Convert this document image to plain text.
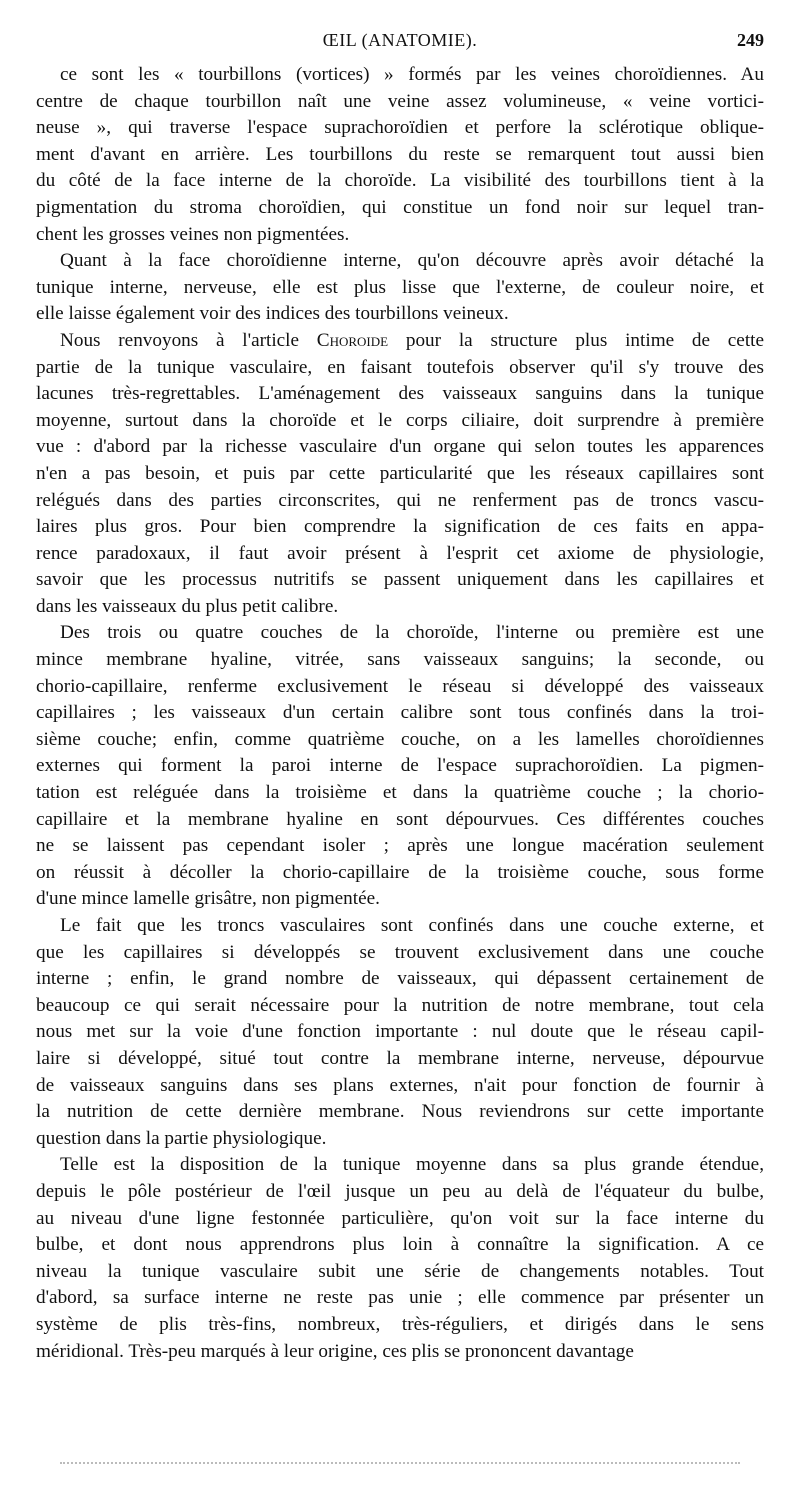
ŒIL (ANATOMIE).	249
ce sont les « tourbillons (vortices) » formés par les veines choroïdiennes. Au
centre de chaque tourbillon naît une veine assez volumineuse, « veine vortici-
neuse », qui traverse l'espace suprachoroïdien et perfore la sclérotique oblique-
ment d'avant en arrière. Les tourbillons du reste se remarquent tout aussi bien
du côté de la face interne de la choroïde. La visibilité des tourbillons tient à la
pigmentation du stroma choroïdien, qui constitue un fond noir sur lequel tran-
chent les grosses veines non pigmentées.
Quant à la face choroïdienne interne, qu'on découvre après avoir détaché la
tunique interne, nerveuse, elle est plus lisse que l'externe, de couleur noire, et
elle laisse également voir des indices des tourbillons veineux.
Nous renvoyons à l'article Choroide pour la structure plus intime de cette
partie de la tunique vasculaire, en faisant toutefois observer qu'il s'y trouve des
lacunes très-regrettables. L'aménagement des vaisseaux sanguins dans la tunique
moyenne, surtout dans la choroïde et le corps ciliaire, doit surprendre à première
vue : d'abord par la richesse vasculaire d'un organe qui selon toutes les apparences
n'en a pas besoin, et puis par cette particularité que les réseaux capillaires sont
relégués dans des parties circonscrites, qui ne renferment pas de troncs vascu-
laires plus gros. Pour bien comprendre la signification de ces faits en appa-
rence paradoxaux, il faut avoir présent à l'esprit cet axiome de physiologie,
savoir que les processus nutritifs se passent uniquement dans les capillaires et
dans les vaisseaux du plus petit calibre.
Des trois ou quatre couches de la choroïde, l'interne ou première est une
mince membrane hyaline, vitrée, sans vaisseaux sanguins; la seconde, ou
chorio-capillaire, renferme exclusivement le réseau si développé des vaisseaux
capillaires ; les vaisseaux d'un certain calibre sont tous confinés dans la troi-
sième couche; enfin, comme quatrième couche, on a les lamelles choroïdiennes
externes qui forment la paroi interne de l'espace suprachoroïdien. La pigmen-
tation est reléguée dans la troisième et dans la quatrième couche ; la chorio-
capillaire et la membrane hyaline en sont dépourvues. Ces différentes couches
ne se laissent pas cependant isoler ; après une longue macération seulement
on réussit à décoller la chorio-capillaire de la troisième couche, sous forme
d'une mince lamelle grisâtre, non pigmentée.
Le fait que les troncs vasculaires sont confinés dans une couche externe, et
que les capillaires si développés se trouvent exclusivement dans une couche
interne ; enfin, le grand nombre de vaisseaux, qui dépassent certainement de
beaucoup ce qui serait nécessaire pour la nutrition de notre membrane, tout cela
nous met sur la voie d'une fonction importante : nul doute que le réseau capil-
laire si développé, situé tout contre la membrane interne, nerveuse, dépourvue
de vaisseaux sanguins dans ses plans externes, n'ait pour fonction de fournir à
la nutrition de cette dernière membrane. Nous reviendrons sur cette importante
question dans la partie physiologique.
Telle est la disposition de la tunique moyenne dans sa plus grande étendue,
depuis le pôle postérieur de l'œil jusque un peu au delà de l'équateur du bulbe,
au niveau d'une ligne festonnée particulière, qu'on voit sur la face interne du
bulbe, et dont nous apprendrons plus loin à connaître la signification. A ce
niveau la tunique vasculaire subit une série de changements notables. Tout
d'abord, sa surface interne ne reste pas unie ; elle commence par présenter un
système de plis très-fins, nombreux, très-réguliers, et dirigés dans le sens
méridional. Très-peu marqués à leur origine, ces plis se prononcent davantage
